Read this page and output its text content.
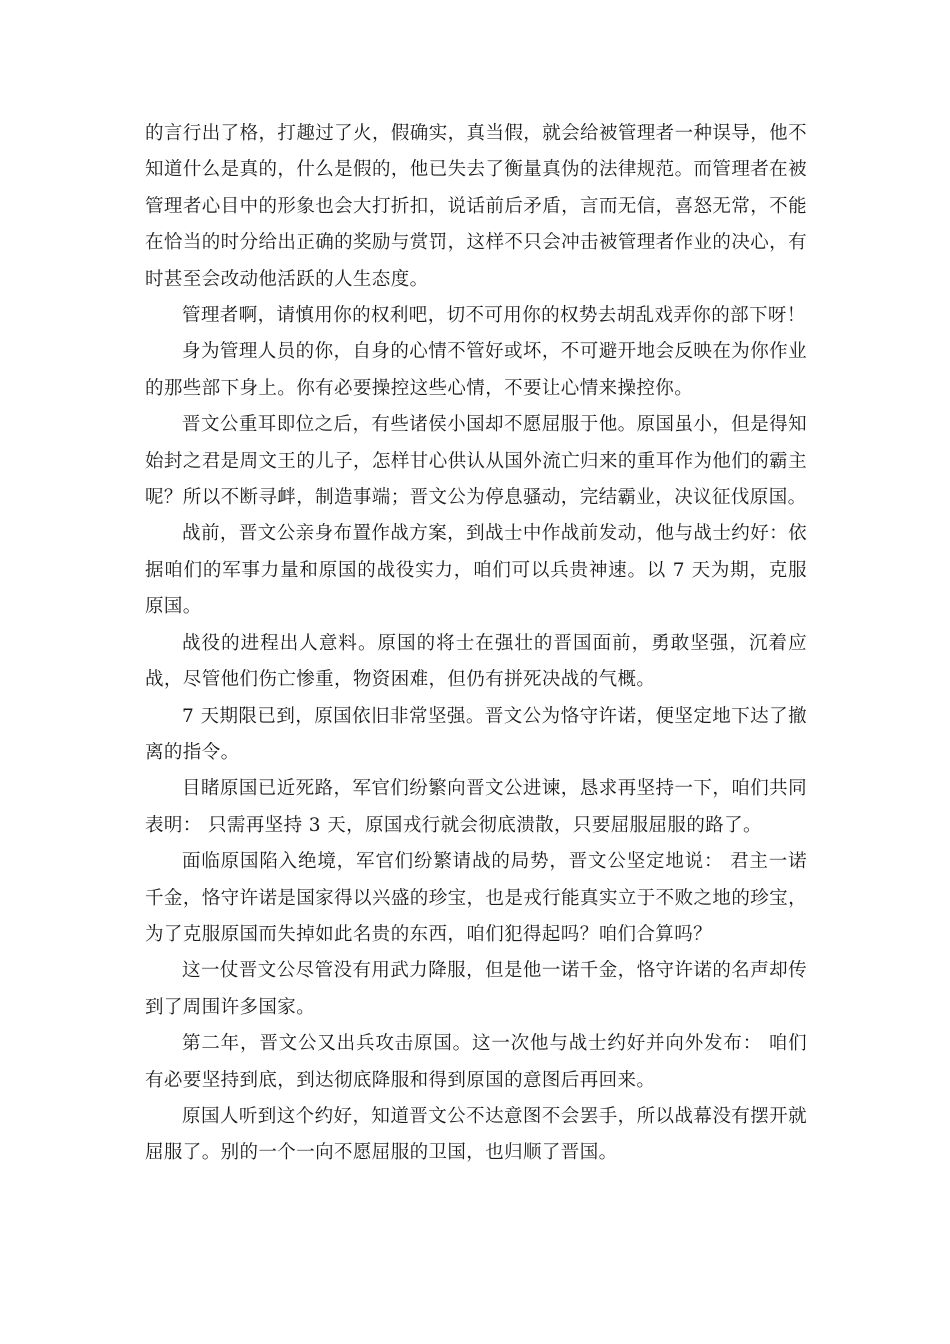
的言行出了格，打趣过了火，假确实，真当假，就会给被管理者一种误导，他不知道什么是真的，什么是假的，他已失去了衡量真伪的法律规范。而管理者在被管理者心目中的形象也会大打折扣，说话前后矛盾，言而无信，喜怒无常，不能在恰当的时分给出正确的奖励与赏罚，这样不只会冲击被管理者作业的决心，有时甚至会改动他活跃的人生态度。

管理者啊，请慎用你的权利吧，切不可用你的权势去胡乱戏弄你的部下呀！

身为管理人员的你，自身的心情不管好或坏，不可避开地会反映在为你作业的那些部下身上。你有必要操控这些心情，不要让心情来操控你。

晋文公重耳即位之后，有些诸侯小国却不愿屈服于他。原国虽小，但是得知始封之君是周文王的儿子，怎样甘心供认从国外流亡归来的重耳作为他们的霸主呢？所以不断寻衅，制造事端；晋文公为停息骚动，完结霸业，决议征伐原国。

战前，晋文公亲身布置作战方案，到战士中作战前发动，他与战士约好：依据咱们的军事力量和原国的战役实力，咱们可以兵贵神速。以 7 天为期，克服原国。

战役的进程出人意料。原国的将士在强壮的晋国面前，勇敢坚强，沉着应战，尽管他们伤亡惨重，物资困难，但仍有拼死决战的气概。

7 天期限已到，原国依旧非常坚强。晋文公为恪守许诺，便坚定地下达了撤离的指令。

目睹原国已近死路，军官们纷繁向晋文公进谏，恳求再坚持一下，咱们共同表明： 只需再坚持 3 天，原国戎行就会彻底溃散，只要屈服屈服的路了。

面临原国陷入绝境，军官们纷繁请战的局势，晋文公坚定地说： 君主一诺千金，恪守许诺是国家得以兴盛的珍宝，也是戎行能真实立于不败之地的珍宝，为了克服原国而失掉如此名贵的东西，咱们犯得起吗？咱们合算吗？

这一仗晋文公尽管没有用武力降服，但是他一诺千金，恪守许诺的名声却传到了周围许多国家。

第二年，晋文公又出兵攻击原国。这一次他与战士约好并向外发布： 咱们有必要坚持到底，到达彻底降服和得到原国的意图后再回来。

原国人听到这个约好，知道晋文公不达意图不会罢手，所以战幕没有摆开就屈服了。别的一个一向不愿屈服的卫国，也归顺了晋国。
